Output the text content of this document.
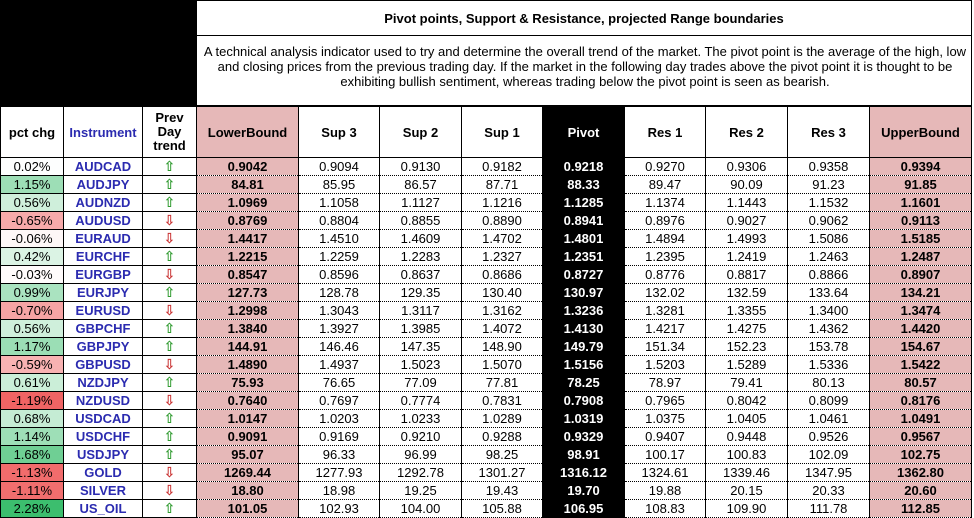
Pivot points, Support & Resistance, projected Range boundaries
A technical analysis indicator used to try and determine the overall trend of the market. The pivot point is the average of the high, low and closing prices from the previous trading day. If the market in the following day trades above the pivot point it is thought to be exhibiting bullish sentiment, whereas trading below the pivot point is seen as bearish.
pct chg	Instrument	Prev Day trend	LowerBound	Sup 3	Sup 2	Sup 1	Pivot	Res 1	Res 2	Res 3	UpperBound
0.02%	AUDCAD	⇧	0.9042	0.9094	0.9130	0.9182	0.9218	0.9270	0.9306	0.9358	0.9394
1.15%	AUDJPY	⇧	84.81	85.95	86.57	87.71	88.33	89.47	90.09	91.23	91.85
0.56%	AUDNZD	⇧	1.0969	1.1058	1.1127	1.1216	1.1285	1.1374	1.1443	1.1532	1.1601
-0.65%	AUDUSD	⇩	0.8769	0.8804	0.8855	0.8890	0.8941	0.8976	0.9027	0.9062	0.9113
-0.06%	EURAUD	⇩	1.4417	1.4510	1.4609	1.4702	1.4801	1.4894	1.4993	1.5086	1.5185
0.42%	EURCHF	⇧	1.2215	1.2259	1.2283	1.2327	1.2351	1.2395	1.2419	1.2463	1.2487
-0.03%	EURGBP	⇩	0.8547	0.8596	0.8637	0.8686	0.8727	0.8776	0.8817	0.8866	0.8907
0.99%	EURJPY	⇧	127.73	128.78	129.35	130.40	130.97	132.02	132.59	133.64	134.21
-0.70%	EURUSD	⇩	1.2998	1.3043	1.3117	1.3162	1.3236	1.3281	1.3355	1.3400	1.3474
0.56%	GBPCHF	⇧	1.3840	1.3927	1.3985	1.4072	1.4130	1.4217	1.4275	1.4362	1.4420
1.17%	GBPJPY	⇧	144.91	146.46	147.35	148.90	149.79	151.34	152.23	153.78	154.67
-0.59%	GBPUSD	⇩	1.4890	1.4937	1.5023	1.5070	1.5156	1.5203	1.5289	1.5336	1.5422
0.61%	NZDJPY	⇧	75.93	76.65	77.09	77.81	78.25	78.97	79.41	80.13	80.57
-1.19%	NZDUSD	⇩	0.7640	0.7697	0.7774	0.7831	0.7908	0.7965	0.8042	0.8099	0.8176
0.68%	USDCAD	⇧	1.0147	1.0203	1.0233	1.0289	1.0319	1.0375	1.0405	1.0461	1.0491
1.14%	USDCHF	⇧	0.9091	0.9169	0.9210	0.9288	0.9329	0.9407	0.9448	0.9526	0.9567
1.68%	USDJPY	⇧	95.07	96.33	96.99	98.25	98.91	100.17	100.83	102.09	102.75
-1.13%	GOLD	⇩	1269.44	1277.93	1292.78	1301.27	1316.12	1324.61	1339.46	1347.95	1362.80
-1.11%	SILVER	⇩	18.80	18.98	19.25	19.43	19.70	19.88	20.15	20.33	20.60
2.28%	US_OIL	⇧	101.05	102.93	104.00	105.88	106.95	108.83	109.90	111.78	112.85
